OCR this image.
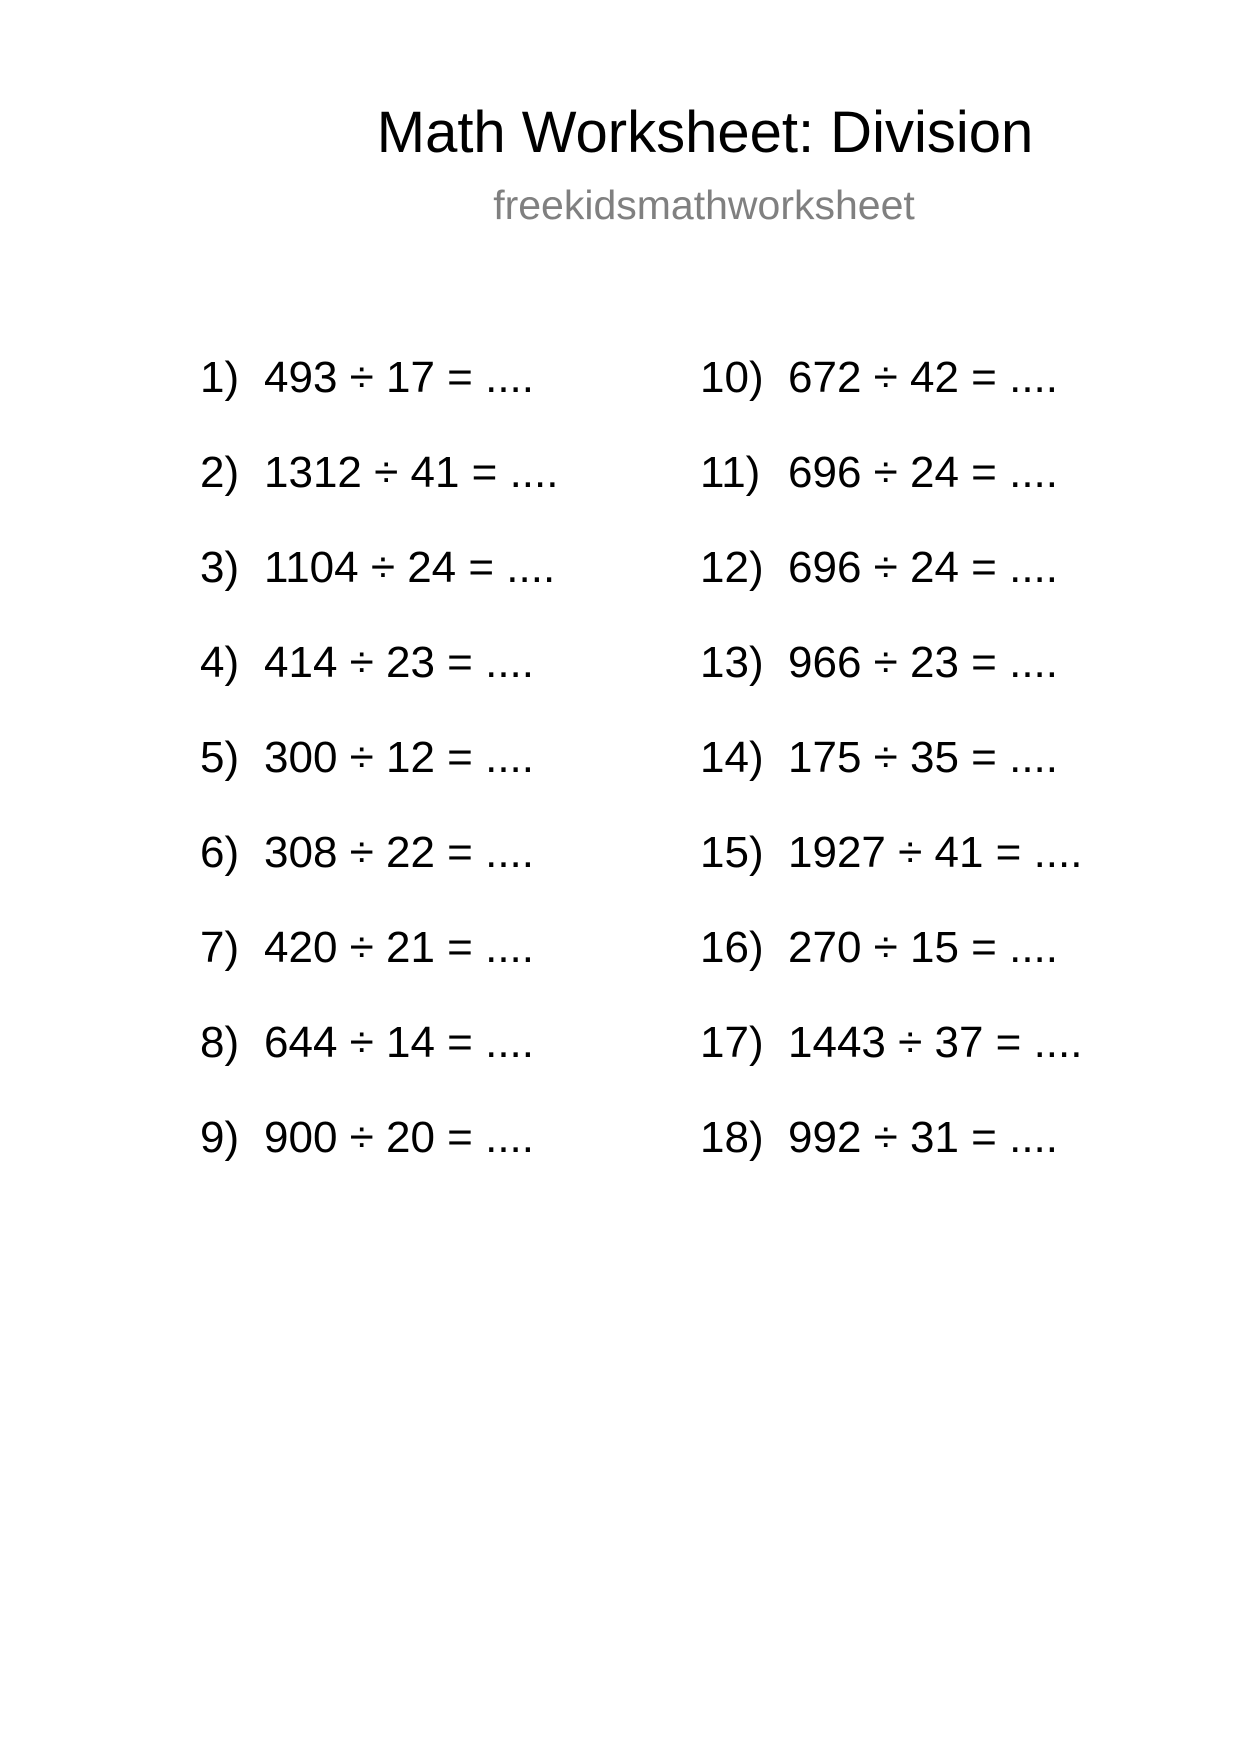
Math Worksheet: Division
freekidsmathworksheet
1) 493 ÷ 17 = ....
2) 1312 ÷ 41 = ....
3) 1104 ÷ 24 = ....
4) 414 ÷ 23 = ....
5) 300 ÷ 12 = ....
6) 308 ÷ 22 = ....
7) 420 ÷ 21 = ....
8) 644 ÷ 14 = ....
9) 900 ÷ 20 = ....
10) 672 ÷ 42 = ....
11) 696 ÷ 24 = ....
12) 696 ÷ 24 = ....
13) 966 ÷ 23 = ....
14) 175 ÷ 35 = ....
15) 1927 ÷ 41 = ....
16) 270 ÷ 15 = ....
17) 1443 ÷ 37 = ....
18) 992 ÷ 31 = ....
